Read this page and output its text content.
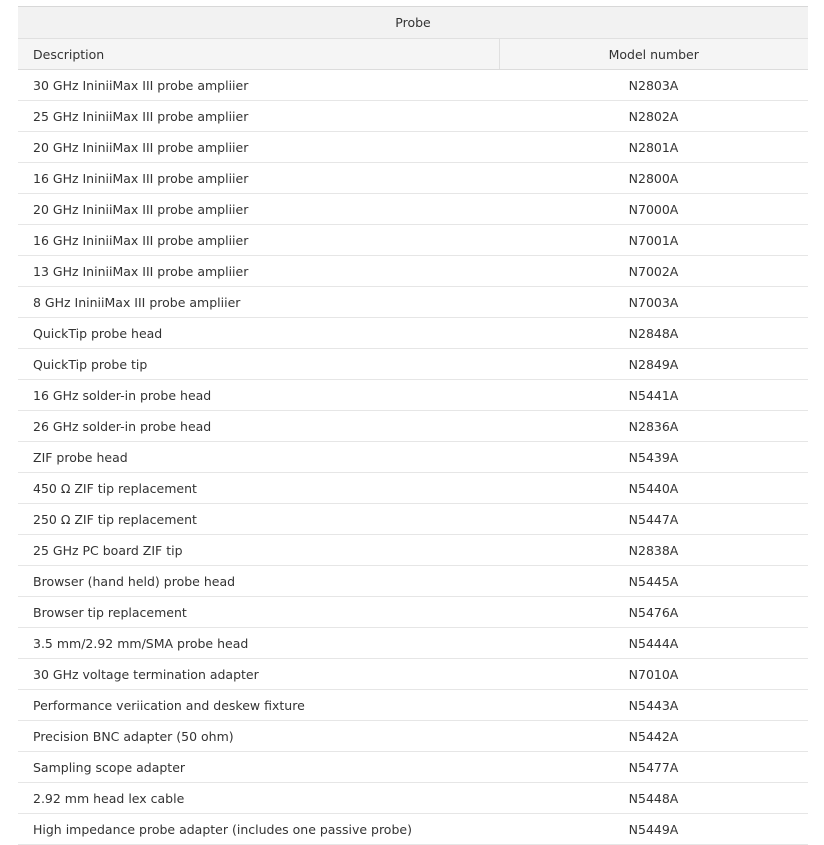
Probe	
Description	Model number
30 GHz IniniiMax III probe ampliier	N2803A
25 GHz IniniiMax III probe ampliier	N2802A
20 GHz IniniiMax III probe ampliier	N2801A
16 GHz IniniiMax III probe ampliier	N2800A
20 GHz IniniiMax III probe ampliier	N7000A
16 GHz IniniiMax III probe ampliier	N7001A
13 GHz IniniiMax III probe ampliier	N7002A
8 GHz IniniiMax III probe ampliier	N7003A
QuickTip probe head	N2848A
QuickTip probe tip	N2849A
16 GHz solder-in probe head	N5441A
26 GHz solder-in probe head	N2836A
ZIF probe head	N5439A
450 Ω ZIF tip replacement	N5440A
250 Ω ZIF tip replacement	N5447A
25 GHz PC board ZIF tip	N2838A
Browser (hand held) probe head	N5445A
Browser tip replacement	N5476A
3.5 mm/2.92 mm/SMA probe head	N5444A
30 GHz voltage termination adapter	N7010A
Performance veriication and deskew fixture	N5443A
Precision BNC adapter (50 ohm)	N5442A
Sampling scope adapter	N5477A
2.92 mm head lex cable	N5448A
High impedance probe adapter (includes one passive probe)	N5449A
